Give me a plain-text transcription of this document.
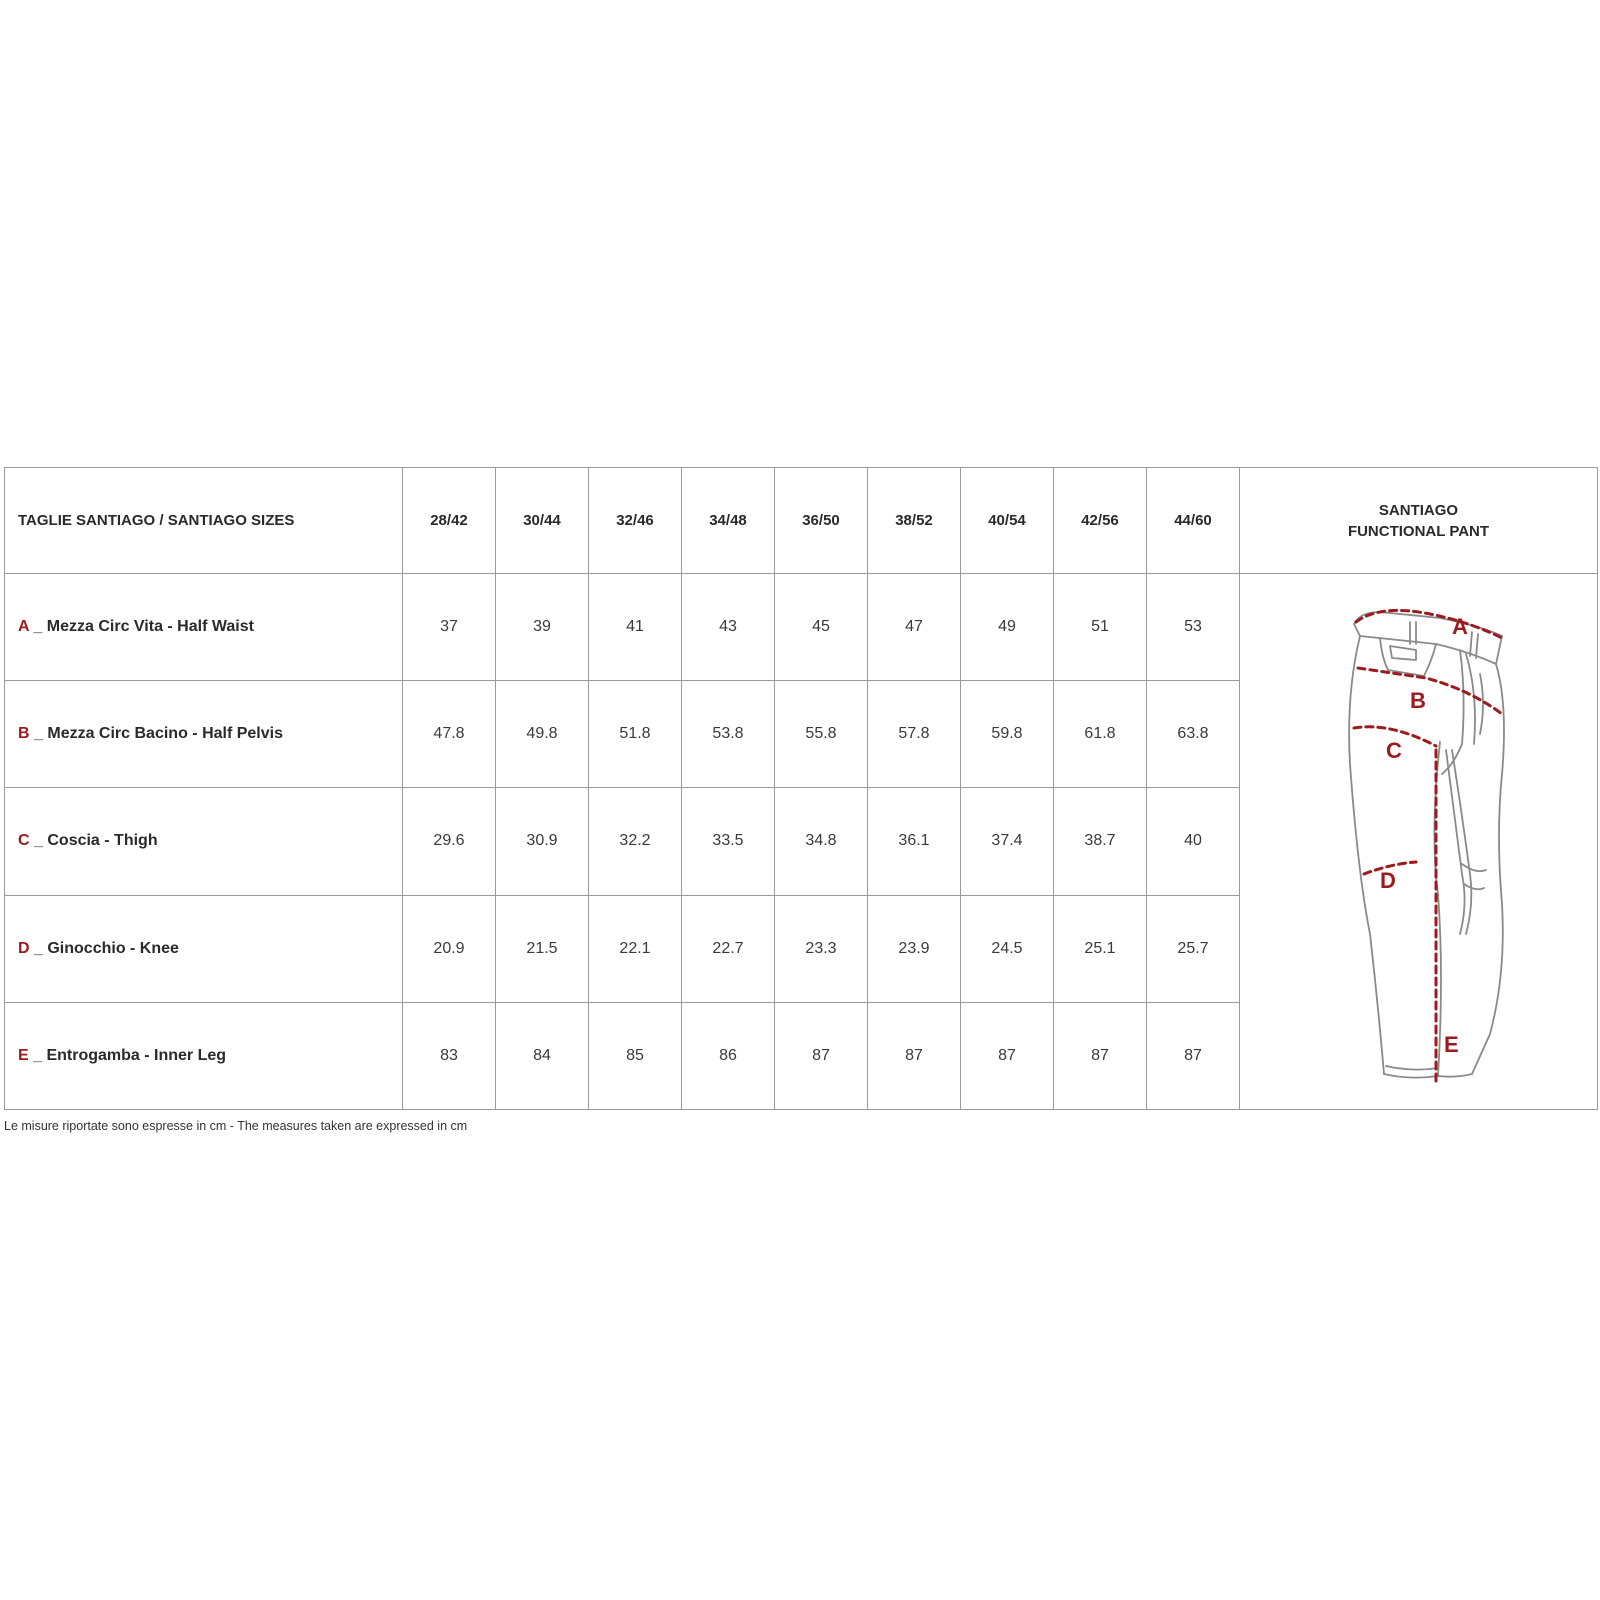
TAGLIE SANTIAGO / SANTIAGO SIZES	28/42	30/44	32/46	34/48	36/50	38/52	40/54	42/56	44/60	SANTIAGO
FUNCTIONAL PANT
A _ Mezza Circ Vita - Half Waist	37	39	41	43	45	47	49	51	53	A
B
C
D
E

B _ Mezza Circ Bacino - Half Pelvis	47.8	49.8	51.8	53.8	55.8	57.8	59.8	61.8	63.8	
C _ Coscia - Thigh	29.6	30.9	32.2	33.5	34.8	36.1	37.4	38.7	40	
D _ Ginocchio - Knee	20.9	21.5	22.1	22.7	23.3	23.9	24.5	25.1	25.7	
E _ Entrogamba - Inner Leg	83	84	85	86	87	87	87	87	87	
Le misure riportate sono espresse in cm - The measures taken are expressed in cm
